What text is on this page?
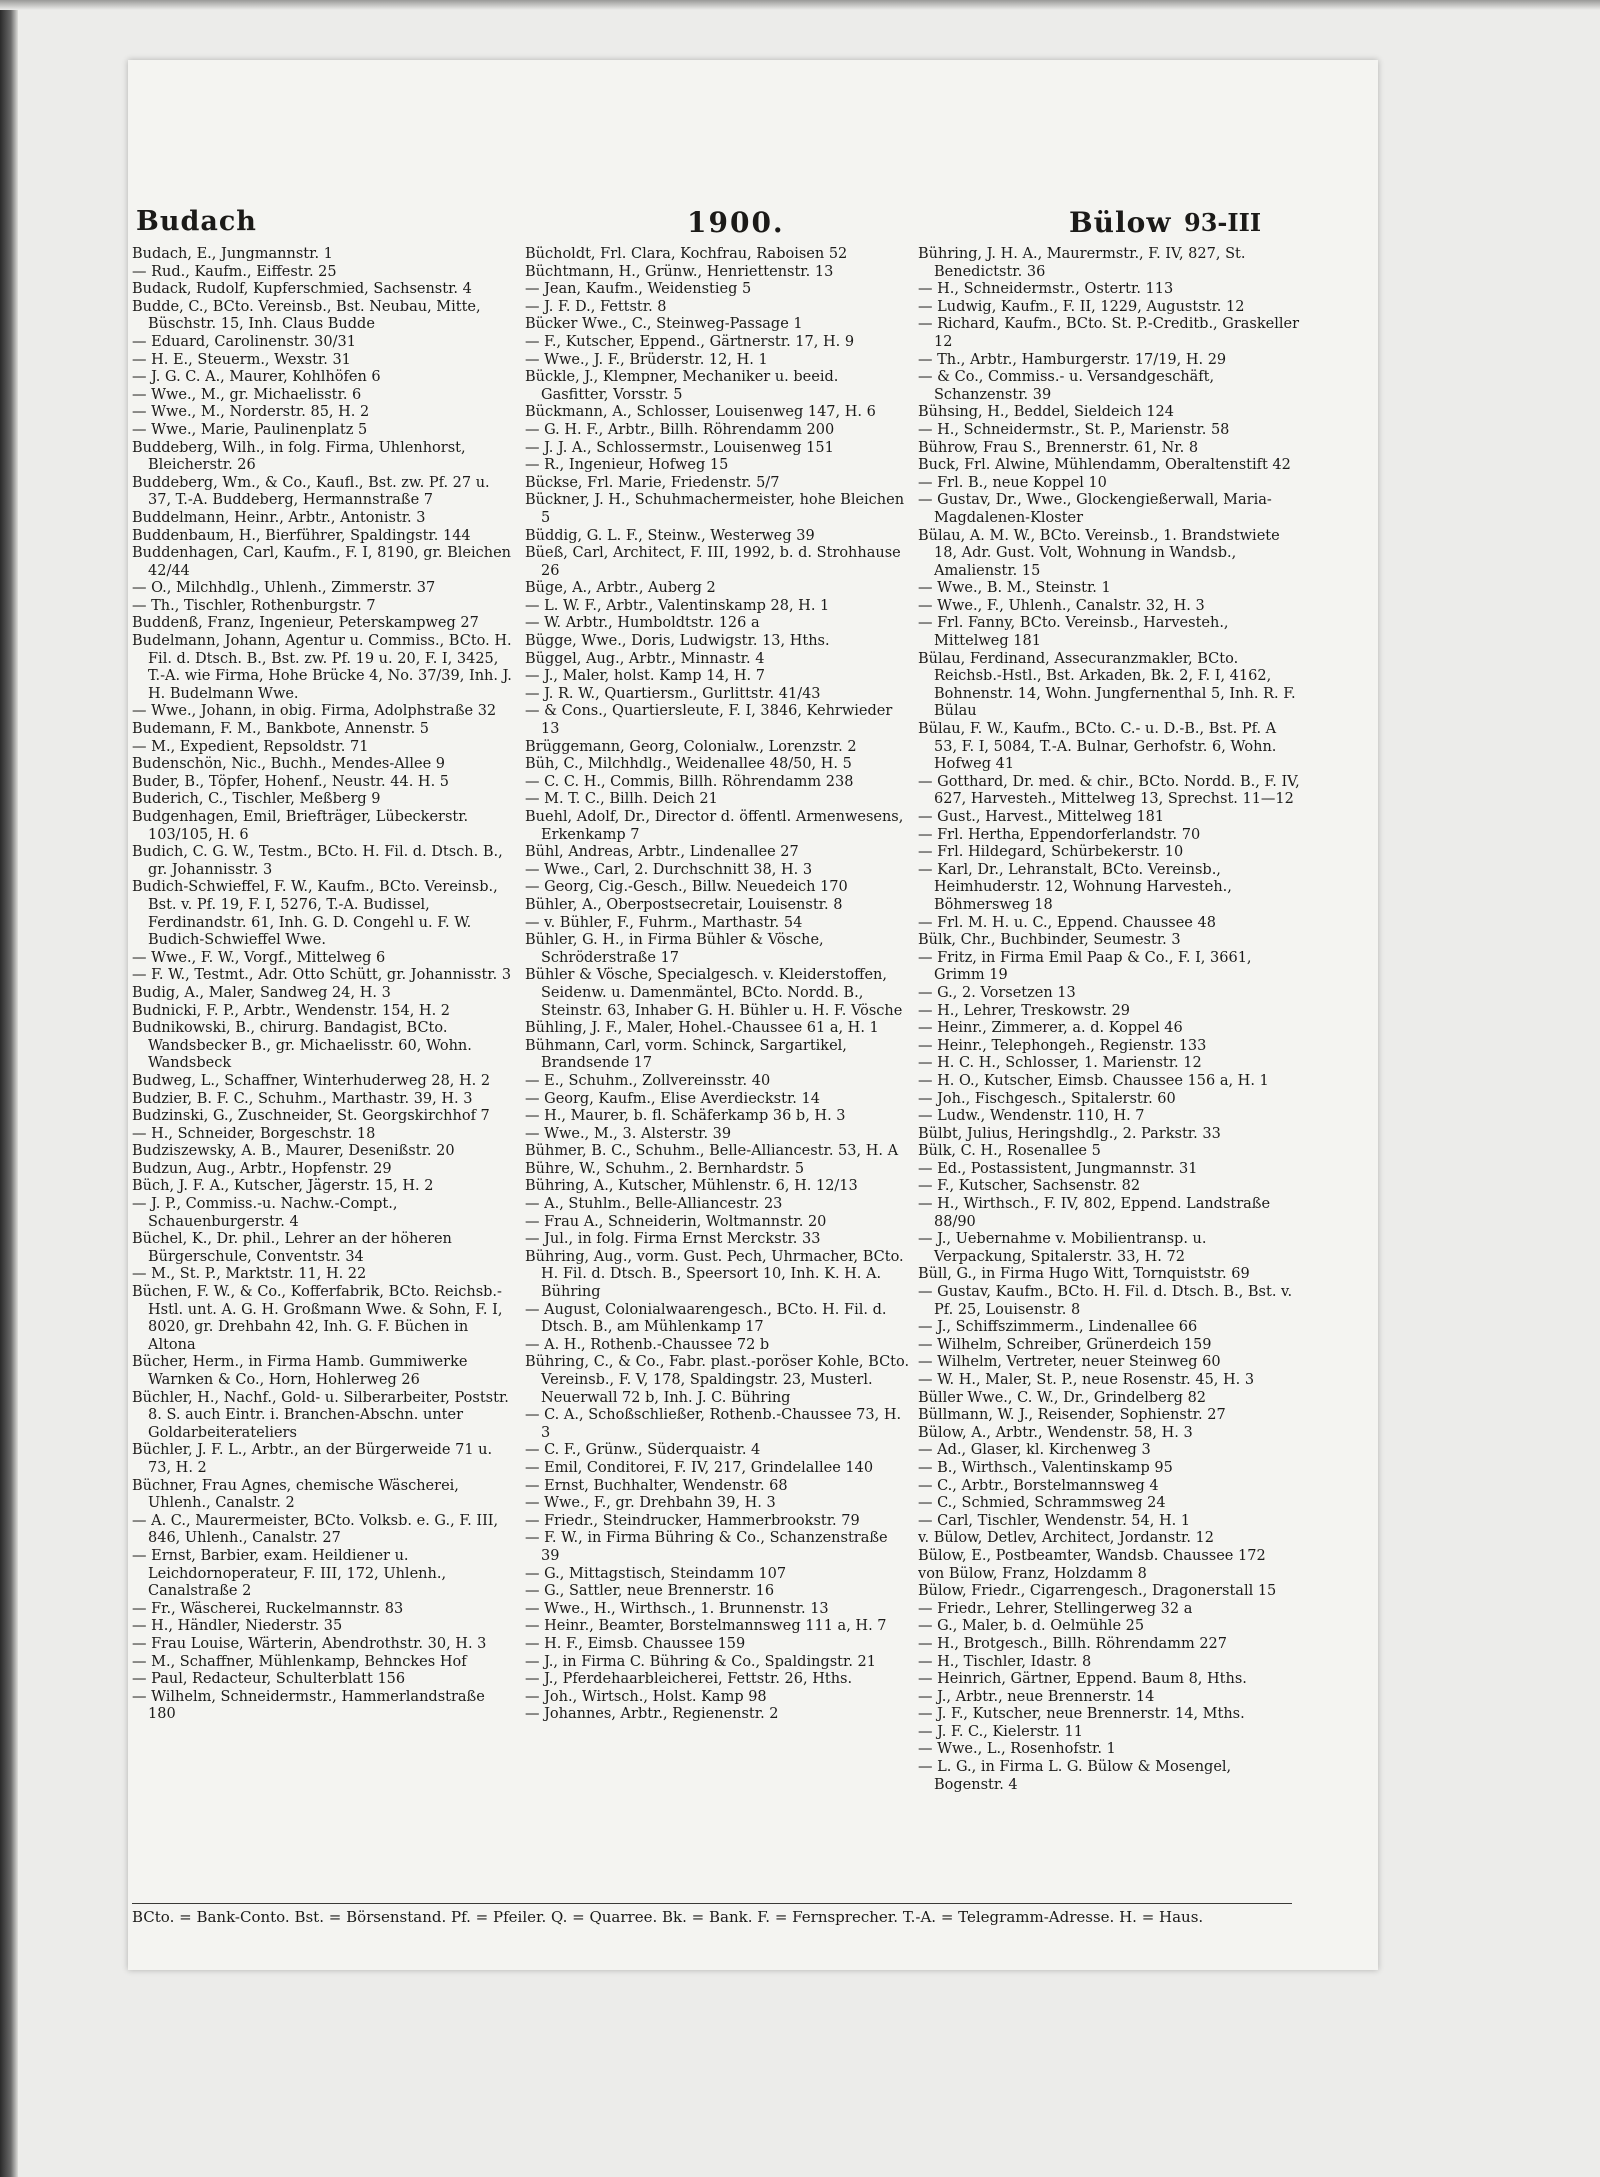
Budach	1900.	Bülow 93-III

Budach, E., Jungmannstr. 1

— Rud., Kaufm., Eiffestr. 25

Budack, Rudolf, Kupferschmied, Sachsenstr. 4

Budde, C., BCto. Vereinsb., Bst. Neubau, Mitte, Büschstr. 15, Inh. Claus Budde

— Eduard, Carolinenstr. 30/31

— H. E., Steuerm., Wexstr. 31

— J. G. C. A., Maurer, Kohlhöfen 6

— Wwe., M., gr. Michaelisstr. 6

— Wwe., M., Norderstr. 85, H. 2

— Wwe., Marie, Paulinenplatz 5

Buddeberg, Wilh., in folg. Firma, Uhlenhorst, Bleicherstr. 26

Buddeberg, Wm., & Co., Kaufl., Bst. zw. Pf. 27 u. 37, T.-A. Buddeberg, Hermannstraße 7

Buddelmann, Heinr., Arbtr., Antonistr. 3

Buddenbaum, H., Bierführer, Spaldingstr. 144

Buddenhagen, Carl, Kaufm., F. I, 8190, gr. Bleichen 42/44

— O., Milchhdlg., Uhlenh., Zimmerstr. 37

— Th., Tischler, Rothenburgstr. 7

Buddenß, Franz, Ingenieur, Peterskampweg 27

Budelmann, Johann, Agentur u. Commiss., BCto. H. Fil. d. Dtsch. B., Bst. zw. Pf. 19 u. 20, F. I, 3425, T.-A. wie Firma, Hohe Brücke 4, No. 37/39, Inh. J. H. Budelmann Wwe.

— Wwe., Johann, in obig. Firma, Adolphstraße 32

Budemann, F. M., Bankbote, Annenstr. 5

— M., Expedient, Repsoldstr. 71

Budenschön, Nic., Buchh., Mendes-Allee 9

Buder, B., Töpfer, Hohenf., Neustr. 44. H. 5

Buderich, C., Tischler, Meßberg 9

Budgenhagen, Emil, Briefträger, Lübeckerstr. 103/105, H. 6

Budich, C. G. W., Testm., BCto. H. Fil. d. Dtsch. B., gr. Johannisstr. 3

Budich-Schwieffel, F. W., Kaufm., BCto. Vereinsb., Bst. v. Pf. 19, F. I, 5276, T.-A. Budissel, Ferdinandstr. 61, Inh. G. D. Congehl u. F. W. Budich-Schwieffel Wwe.

— Wwe., F. W., Vorgf., Mittelweg 6

— F. W., Testmt., Adr. Otto Schütt, gr. Johannisstr. 3

Budig, A., Maler, Sandweg 24, H. 3

Budnicki, F. P., Arbtr., Wendenstr. 154, H. 2

Budnikowski, B., chirurg. Bandagist, BCto. Wandsbecker B., gr. Michaelisstr. 60, Wohn. Wandsbeck

Budweg, L., Schaffner, Winterhuderweg 28, H. 2

Budzier, B. F. C., Schuhm., Marthastr. 39, H. 3

Budzinski, G., Zuschneider, St. Georgskirchhof 7

— H., Schneider, Borgeschstr. 18

Budziszewsky, A. B., Maurer, Desenißstr. 20

Budzun, Aug., Arbtr., Hopfenstr. 29

Büch, J. F. A., Kutscher, Jägerstr. 15, H. 2

— J. P., Commiss.-u. Nachw.-Compt., Schauenburgerstr. 4

Büchel, K., Dr. phil., Lehrer an der höheren Bürgerschule, Conventstr. 34

— M., St. P., Marktstr. 11, H. 22

Büchen, F. W., & Co., Kofferfabrik, BCto. Reichsb.-Hstl. unt. A. G. H. Großmann Wwe. & Sohn, F. I, 8020, gr. Drehbahn 42, Inh. G. F. Büchen in Altona

Bücher, Herm., in Firma Hamb. Gummiwerke Warnken & Co., Horn, Hohlerweg 26

Büchler, H., Nachf., Gold- u. Silberarbeiter, Poststr. 8. S. auch Eintr. i. Branchen-Abschn. unter Goldarbeiterateliers

Büchler, J. F. L., Arbtr., an der Bürgerweide 71 u. 73, H. 2

Büchner, Frau Agnes, chemische Wäscherei, Uhlenh., Canalstr. 2

— A. C., Maurermeister, BCto. Volksb. e. G., F. III, 846, Uhlenh., Canalstr. 27

— Ernst, Barbier, exam. Heildiener u. Leichdornoperateur, F. III, 172, Uhlenh., Canalstraße 2

— Fr., Wäscherei, Ruckelmannstr. 83

— H., Händler, Niederstr. 35

— Frau Louise, Wärterin, Abendrothstr. 30, H. 3

— M., Schaffner, Mühlenkamp, Behnckes Hof

— Paul, Redacteur, Schulterblatt 156

— Wilhelm, Schneidermstr., Hammerlandstraße 180

Bücholdt, Frl. Clara, Kochfrau, Raboisen 52

Büchtmann, H., Grünw., Henriettenstr. 13

— Jean, Kaufm., Weidenstieg 5

— J. F. D., Fettstr. 8

Bücker Wwe., C., Steinweg-Passage 1

— F., Kutscher, Eppend., Gärtnerstr. 17, H. 9

— Wwe., J. F., Brüderstr. 12, H. 1

Bückle, J., Klempner, Mechaniker u. beeid. Gasfitter, Vorsstr. 5

Bückmann, A., Schlosser, Louisenweg 147, H. 6

— G. H. F., Arbtr., Billh. Röhrendamm 200

— J. J. A., Schlossermstr., Louisenweg 151

— R., Ingenieur, Hofweg 15

Bückse, Frl. Marie, Friedenstr. 5/7

Bückner, J. H., Schuhmachermeister, hohe Bleichen 5

Büddig, G. L. F., Steinw., Westerweg 39

Büeß, Carl, Architect, F. III, 1992, b. d. Strohhause 26

Büge, A., Arbtr., Auberg 2

— L. W. F., Arbtr., Valentinskamp 28, H. 1

— W. Arbtr., Humboldtstr. 126 a

Bügge, Wwe., Doris, Ludwigstr. 13, Hths.

Büggel, Aug., Arbtr., Minnastr. 4

— J., Maler, holst. Kamp 14, H. 7

— J. R. W., Quartiersm., Gurlittstr. 41/43

— & Cons., Quartiersleute, F. I, 3846, Kehrwieder 13

Brüggemann, Georg, Colonialw., Lorenzstr. 2

Büh, C., Milchhdlg., Weidenallee 48/50, H. 5

— C. C. H., Commis, Billh. Röhrendamm 238

— M. T. C., Billh. Deich 21

Buehl, Adolf, Dr., Director d. öffentl. Armenwesens, Erkenkamp 7

Bühl, Andreas, Arbtr., Lindenallee 27

— Wwe., Carl, 2. Durchschnitt 38, H. 3

— Georg, Cig.-Gesch., Billw. Neuedeich 170

Bühler, A., Oberpostsecretair, Louisenstr. 8

— v. Bühler, F., Fuhrm., Marthastr. 54

Bühler, G. H., in Firma Bühler & Vösche, Schröderstraße 17

Bühler & Vösche, Specialgesch. v. Kleiderstoffen, Seidenw. u. Damenmäntel, BCto. Nordd. B., Steinstr. 63, Inhaber G. H. Bühler u. H. F. Vösche

Bühling, J. F., Maler, Hohel.-Chaussee 61 a, H. 1

Bühmann, Carl, vorm. Schinck, Sargartikel, Brandsende 17

— E., Schuhm., Zollvereinsstr. 40

— Georg, Kaufm., Elise Averdieckstr. 14

— H., Maurer, b. fl. Schäferkamp 36 b, H. 3

— Wwe., M., 3. Alsterstr. 39

Bühmer, B. C., Schuhm., Belle-Alliancestr. 53, H. A

Bühre, W., Schuhm., 2. Bernhardstr. 5

Bühring, A., Kutscher, Mühlenstr. 6, H. 12/13

— A., Stuhlm., Belle-Alliancestr. 23

— Frau A., Schneiderin, Woltmannstr. 20

— Jul., in folg. Firma Ernst Merckstr. 33

Bühring, Aug., vorm. Gust. Pech, Uhrmacher, BCto. H. Fil. d. Dtsch. B., Speersort 10, Inh. K. H. A. Bühring

— August, Colonialwaarengesch., BCto. H. Fil. d. Dtsch. B., am Mühlenkamp 17

— A. H., Rothenb.-Chaussee 72 b

Bühring, C., & Co., Fabr. plast.-poröser Kohle, BCto. Vereinsb., F. V, 178, Spaldingstr. 23, Musterl. Neuerwall 72 b, Inh. J. C. Bühring

— C. A., Schoßschließer, Rothenb.-Chaussee 73, H. 3

— C. F., Grünw., Süderquaistr. 4

— Emil, Conditorei, F. IV, 217, Grindelallee 140

— Ernst, Buchhalter, Wendenstr. 68

— Wwe., F., gr. Drehbahn 39, H. 3

— Friedr., Steindrucker, Hammerbrookstr. 79

— F. W., in Firma Bühring & Co., Schanzenstraße 39

— G., Mittagstisch, Steindamm 107

— G., Sattler, neue Brennerstr. 16

— Wwe., H., Wirthsch., 1. Brunnenstr. 13

— Heinr., Beamter, Borstelmannsweg 111 a, H. 7

— H. F., Eimsb. Chaussee 159

— J., in Firma C. Bühring & Co., Spaldingstr. 21

— J., Pferdehaarbleicherei, Fettstr. 26, Hths.

— Joh., Wirtsch., Holst. Kamp 98

— Johannes, Arbtr., Regienenstr. 2

Bühring, J. H. A., Maurermstr., F. IV, 827, St. Benedictstr. 36

— H., Schneidermstr., Ostertr. 113

— Ludwig, Kaufm., F. II, 1229, Auguststr. 12

— Richard, Kaufm., BCto. St. P.-Creditb., Graskeller 12

— Th., Arbtr., Hamburgerstr. 17/19, H. 29

— & Co., Commiss.- u. Versandgeschäft, Schanzenstr. 39

Bühsing, H., Beddel, Sieldeich 124

— H., Schneidermstr., St. P., Marienstr. 58

Bührow, Frau S., Brennerstr. 61, Nr. 8

Buck, Frl. Alwine, Mühlendamm, Oberaltenstift 42

— Frl. B., neue Koppel 10

— Gustav, Dr., Wwe., Glockengießerwall, Maria-Magdalenen-Kloster

Bülau, A. M. W., BCto. Vereinsb., 1. Brandstwiete 18, Adr. Gust. Volt, Wohnung in Wandsb., Amalienstr. 15

— Wwe., B. M., Steinstr. 1

— Wwe., F., Uhlenh., Canalstr. 32, H. 3

— Frl. Fanny, BCto. Vereinsb., Harvesteh., Mittelweg 181

Bülau, Ferdinand, Assecuranzmakler, BCto. Reichsb.-Hstl., Bst. Arkaden, Bk. 2, F. I, 4162, Bohnenstr. 14, Wohn. Jungfernenthal 5, Inh. R. F. Bülau

Bülau, F. W., Kaufm., BCto. C.- u. D.-B., Bst. Pf. A 53, F. I, 5084, T.-A. Bulnar, Gerhofstr. 6, Wohn. Hofweg 41

— Gotthard, Dr. med. & chir., BCto. Nordd. B., F. IV, 627, Harvesteh., Mittelweg 13, Sprechst. 11—12

— Gust., Harvest., Mittelweg 181

— Frl. Hertha, Eppendorferlandstr. 70

— Frl. Hildegard, Schürbekerstr. 10

— Karl, Dr., Lehranstalt, BCto. Vereinsb., Heimhuderstr. 12, Wohnung Harvesteh., Böhmersweg 18

— Frl. M. H. u. C., Eppend. Chaussee 48

Bülk, Chr., Buchbinder, Seumestr. 3

— Fritz, in Firma Emil Paap & Co., F. I, 3661, Grimm 19

— G., 2. Vorsetzen 13

— H., Lehrer, Treskowstr. 29

— Heinr., Zimmerer, a. d. Koppel 46

— Heinr., Telephongeh., Regienstr. 133

— H. C. H., Schlosser, 1. Marienstr. 12

— H. O., Kutscher, Eimsb. Chaussee 156 a, H. 1

— Joh., Fischgesch., Spitalerstr. 60

— Ludw., Wendenstr. 110, H. 7

Bülbt, Julius, Heringshdlg., 2. Parkstr. 33

Bülk, C. H., Rosenallee 5

— Ed., Postassistent, Jungmannstr. 31

— F., Kutscher, Sachsenstr. 82

— H., Wirthsch., F. IV, 802, Eppend. Landstraße 88/90

— J., Uebernahme v. Mobilientransp. u. Verpackung, Spitalerstr. 33, H. 72

Büll, G., in Firma Hugo Witt, Tornquiststr. 69

— Gustav, Kaufm., BCto. H. Fil. d. Dtsch. B., Bst. v. Pf. 25, Louisenstr. 8

— J., Schiffszimmerm., Lindenallee 66

— Wilhelm, Schreiber, Grünerdeich 159

— Wilhelm, Vertreter, neuer Steinweg 60

— W. H., Maler, St. P., neue Rosenstr. 45, H. 3

Büller Wwe., C. W., Dr., Grindelberg 82

Büllmann, W. J., Reisender, Sophienstr. 27

Bülow, A., Arbtr., Wendenstr. 58, H. 3

— Ad., Glaser, kl. Kirchenweg 3

— B., Wirthsch., Valentinskamp 95

— C., Arbtr., Borstelmannsweg 4

— C., Schmied, Schrammsweg 24

— Carl, Tischler, Wendenstr. 54, H. 1

v. Bülow, Detlev, Architect, Jordanstr. 12

Bülow, E., Postbeamter, Wandsb. Chaussee 172

von Bülow, Franz, Holzdamm 8

Bülow, Friedr., Cigarrengesch., Dragonerstall 15

— Friedr., Lehrer, Stellingerweg 32 a

— G., Maler, b. d. Oelmühle 25

— H., Brotgesch., Billh. Röhrendamm 227

— H., Tischler, Idastr. 8

— Heinrich, Gärtner, Eppend. Baum 8, Hths.

— J., Arbtr., neue Brennerstr. 14

— J. F., Kutscher, neue Brennerstr. 14, Mths.

— J. F. C., Kielerstr. 11

— Wwe., L., Rosenhofstr. 1

— L. G., in Firma L. G. Bülow & Mosengel, Bogenstr. 4

BCto. = Bank-Conto. Bst. = Börsenstand. Pf. = Pfeiler. Q. = Quarree. Bk. = Bank. F. = Fernsprecher. T.-A. = Telegramm-Adresse. H. = Haus.
